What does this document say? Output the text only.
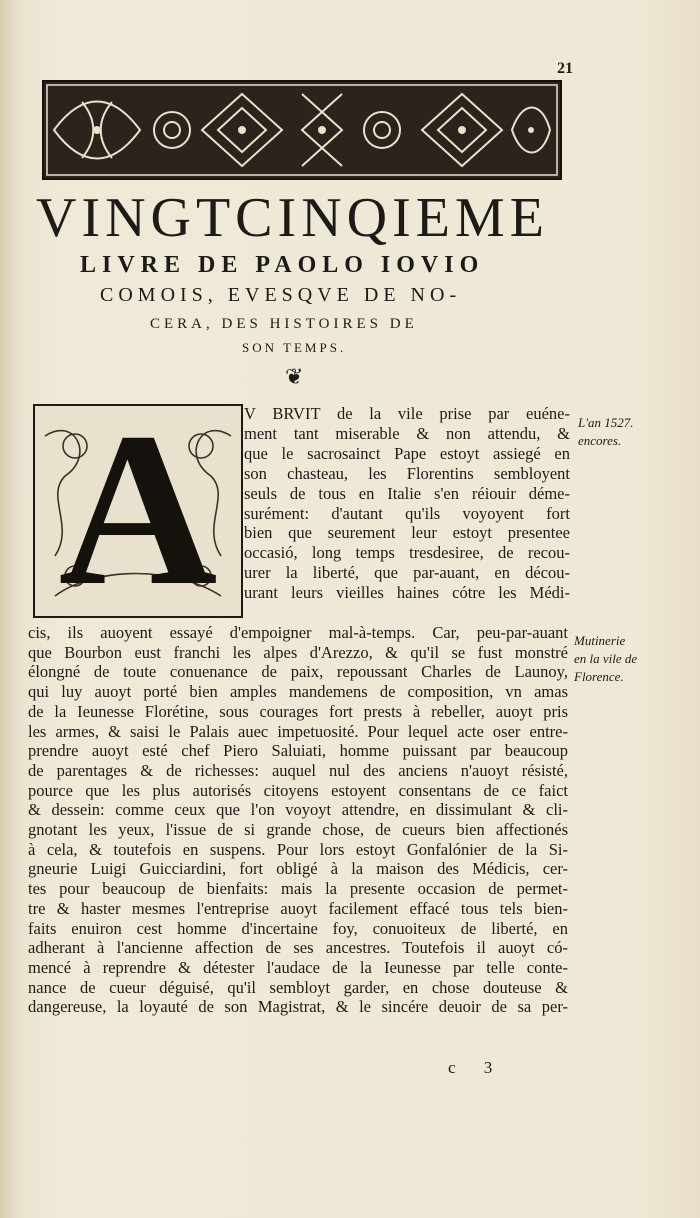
21
VINGTCINQIEME
LIVRE DE PAOLO IOVIO
COMOIS, EVESQVE DE NO-
CERA, DES HISTOIRES DE
SON TEMPS.
❦
A	V BRVIT de la vile prise par euéne-
ment tant miserable & non attendu, &
que le sacrosainct Pape estoyt assiegé en
son chasteau, les Florentins sembloyent
seuls de tous en Italie s'en réiouir déme-
surément: d'autant qu'ils voyoyent fort
bien que seurement leur estoyt presentee
occasió, long temps tresdesiree, de recou-
urer la liberté, que par-auant, en décou-
urant leurs vieilles haines cótre les Médi-
cis, ils auoyent essayé d'empoigner mal-à-temps. Car, peu-par-auant
que Bourbon eust franchi les alpes d'Arezzo, & qu'il se fust monstré
élongné de toute conuenance de paix, repoussant Charles de Launoy,
qui luy auoyt porté bien amples mandemens de composition, vn amas
de la Ieunesse Florétine, sous courages fort prests à rebeller, auoyt pris
les armes, & saisi le Palais auec impetuosité. Pour lequel acte oser entre-
prendre auoyt esté chef Piero Saluiati, homme puissant par beaucoup
de parentages & de richesses: auquel nul des anciens n'auoyt résisté,
pource que les plus autorisés citoyens estoyent consentans de ce faict
& dessein: comme ceux que l'on voyoyt attendre, en dissimulant & cli-
gnotant les yeux, l'issue de si grande chose, de cueurs bien affectionés
à cela, & toutefois en suspens. Pour lors estoyt Gonfalónier de la Si-
gneurie Luigi Guicciardini, fort obligé à la maison des Médicis, cer-
tes pour beaucoup de bienfaits: mais la presente occasion de permet-
tre & haster mesmes l'entreprise auoyt facilement effacé tous tels bien-
faits enuiron cest homme d'incertaine foy, conuoiteux de liberté, en
adherant à l'ancienne affection de ses ancestres. Toutefois il auoyt có-
mencé à reprendre & détester l'audace de la Ieunesse par telle conte-
nance de cueur déguisé, qu'il sembloyt garder, en chose douteuse &
dangereuse, la loyauté de son Magistrat, & le sincére deuoir de sa per-
L'an 1527.
encores.
Mutinerie
en la vile de
Florence.
c 3
